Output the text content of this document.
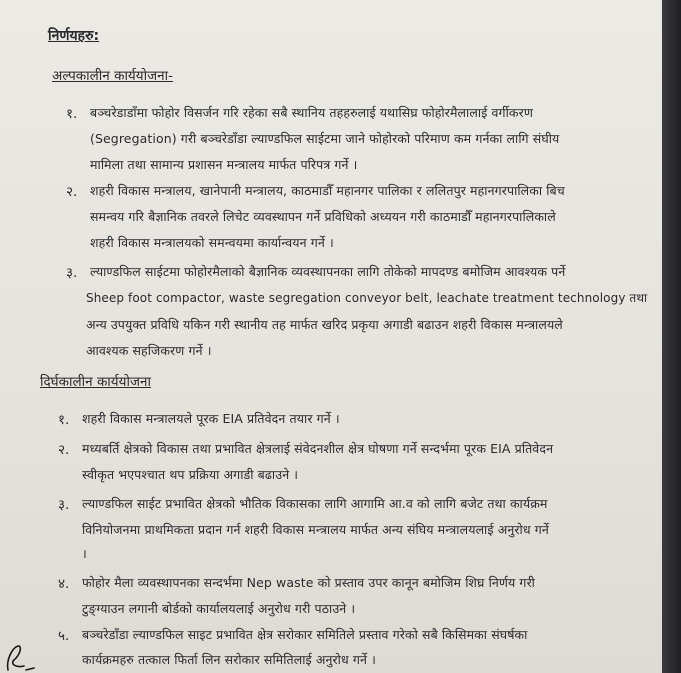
निर्णयहरु:
अल्पकालीन कार्ययोजना-
१. बञ्चरेडाडाँमा फोहोर विसर्जन गरि रहेका सबै स्थानिय तहहरुलाई यथासिघ्र फोहोरमैलालाई वर्गीकरण
(Segregation) गरी बञ्चरेडाँडा ल्याण्डफिल साईटमा जाने फोहोरको परिमाण कम गर्नका लागि संघीय
मामिला तथा सामान्य प्रशासन मन्त्रालय मार्फत परिपत्र गर्ने ।
२. शहरी विकास मन्त्रालय, खानेपानी मन्त्रालय, काठमाडौँ महानगर पालिका र ललितपुर महानगरपालिका बिच
समन्वय गरि बैज्ञानिक तवरले लिचेट व्यवस्थापन गर्ने प्रविधिको अध्ययन गरी काठमाडौँ महानगरपालिकाले
शहरी विकास मन्त्रालयको समन्वयमा कार्यान्वयन गर्ने ।
३. ल्याण्डफिल साईटमा फोहोरमैलाको बैज्ञानिक व्यवस्थापनका लागि तोकेको मापदण्ड बमोजिम आवश्यक पर्ने
Sheep foot compactor, waste segregation conveyor belt, leachate treatment technology तथा
अन्य उपयुक्त प्रविधि यकिन गरी स्थानीय तह मार्फत खरिद प्रकृया अगाडी बढाउन शहरी विकास मन्त्रालयले
आवश्यक सहजिकरण गर्ने ।
दिर्घकालीन कार्ययोजना
१. शहरी विकास मन्त्रालयले पूरक EIA प्रतिवेदन तयार गर्ने ।
२. मध्यबर्ति क्षेत्रको विकास तथा प्रभावित क्षेत्रलाई संवेदनशील क्षेत्र घोषणा गर्ने सन्दर्भमा पूरक EIA प्रतिवेदन
स्वीकृत भएपश्चात थप प्रक्रिया अगाडी बढाउने ।
३. ल्याण्डफिल साईट प्रभावित क्षेत्रको भौतिक विकासका लागि आगामि आ.व को लागि बजेट तथा कार्यक्रम
विनियोजनमा प्राथमिकता प्रदान गर्न शहरी विकास मन्त्रालय मार्फत अन्य संघिय मन्त्रालयलाई अनुरोध गर्ने
।
४. फोहोर मैला व्यवस्थापनका सन्दर्भमा Nep waste को प्रस्ताव उपर कानून बमोजिम शिघ्र निर्णय गरी
टुङ्ग्याउन लगानी बोर्डको कार्यालयलाई अनुरोध गरी पठाउने ।
५. बञ्चरेडाँडा ल्याण्डफिल साइट प्रभावित क्षेत्र सरोकार समितिले प्रस्ताव गरेको सबै किसिमका संघर्षका
कार्यक्रमहरु तत्काल फिर्ता लिन सरोकार समितिलाई अनुरोध गर्ने ।
